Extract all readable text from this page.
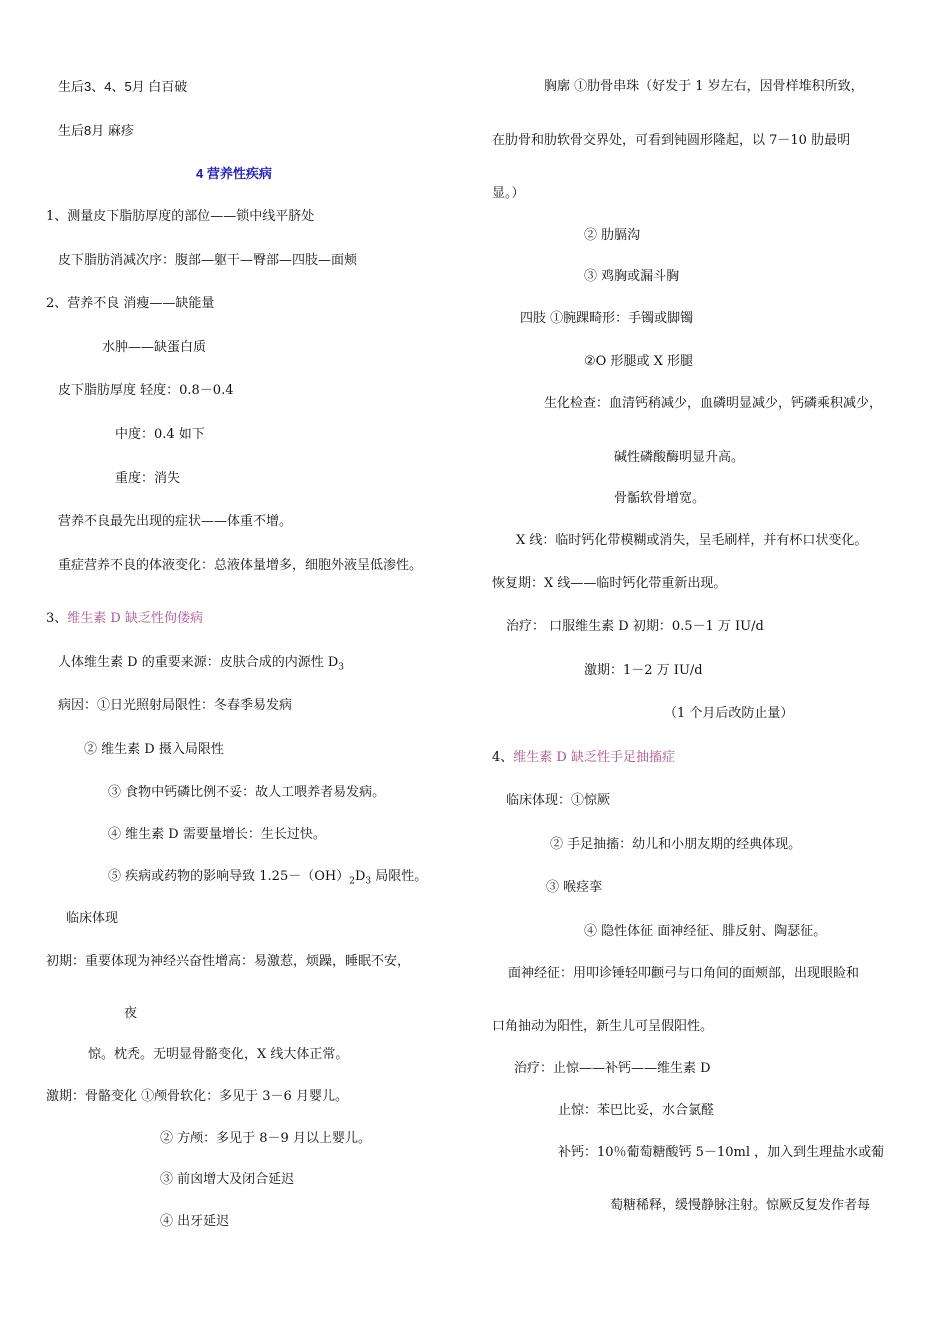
生后3、4、5月 白百破
生后8月 麻疹
4 营养性疾病
1、测量皮下脂肪厚度的部位——锁中线平脐处
皮下脂肪消减次序：腹部—躯干—臀部—四肢—面颊
2、营养不良 消瘦——缺能量
水肿——缺蛋白质
皮下脂肪厚度 轻度：0.8－0.4
中度：0.4 如下
重度：消失
营养不良最先出现的症状——体重不增。
重症营养不良的体液变化：总液体量增多，细胞外液呈低渗性。
3、维生素 D 缺乏性佝偻病
人体维生素 D 的重要来源：皮肤合成的内源性 $D_3$
病因：①日光照射局限性：冬春季易发病
② 维生素 D 摄入局限性
③ 食物中钙磷比例不妥：故人工喂养者易发病。
④ 维生素 D 需要量增长：生长过快。
⑤ 疾病或药物的影响导致 $1.25-(OH)_2D_3$ 局限性。
临床体现
初期：重要体现为神经兴奋性增高：易激惹，烦躁，睡眠不安，
夜
惊。枕秃。无明显骨骼变化，X 线大体正常。
激期：骨骼变化 ①颅骨软化：多见于 3－6 月婴儿。
② 方颅：多见于 8－9 月以上婴儿。
③ 前囟增大及闭合延迟
④ 出牙延迟
胸廓 ①肋骨串珠（好发于 1 岁左右，因骨样堆积所致，
在肋骨和肋软骨交界处，可看到钝圆形隆起，以 7－10 肋最明
显。）
② 肋膈沟
③ 鸡胸或漏斗胸
四肢 ①腕踝畸形：手镯或脚镯
②O 形腿或 X 形腿
生化检查：血清钙稍减少，血磷明显减少，钙磷乘积减少，
碱性磷酸酶明显升高。
骨骺软骨增宽。
X 线：临时钙化带模糊或消失，呈毛刷样，并有杯口状变化。
恢复期：X 线——临时钙化带重新出现。
治疗： 口服维生素 D 初期：0.5－1 万 IU/d
激期：1－2 万 IU/d
（1 个月后改防止量）
4、维生素 D 缺乏性手足抽搐症
临床体现：①惊厥
② 手足抽搐：幼儿和小朋友期的经典体现。
③ 喉痉挛
④ 隐性体征 面神经征、腓反射、陶瑟征。
面神经征：用叩诊锤轻叩颧弓与口角间的面颊部，出现眼睑和
口角抽动为阳性，新生儿可呈假阳性。
治疗：止惊——补钙——维生素 D
止惊：苯巴比妥，水合氯醛
补钙：10％葡萄糖酸钙 5－10ml ，加入到生理盐水或葡
萄糖稀释，缓慢静脉注射。惊厥反复发作者每
